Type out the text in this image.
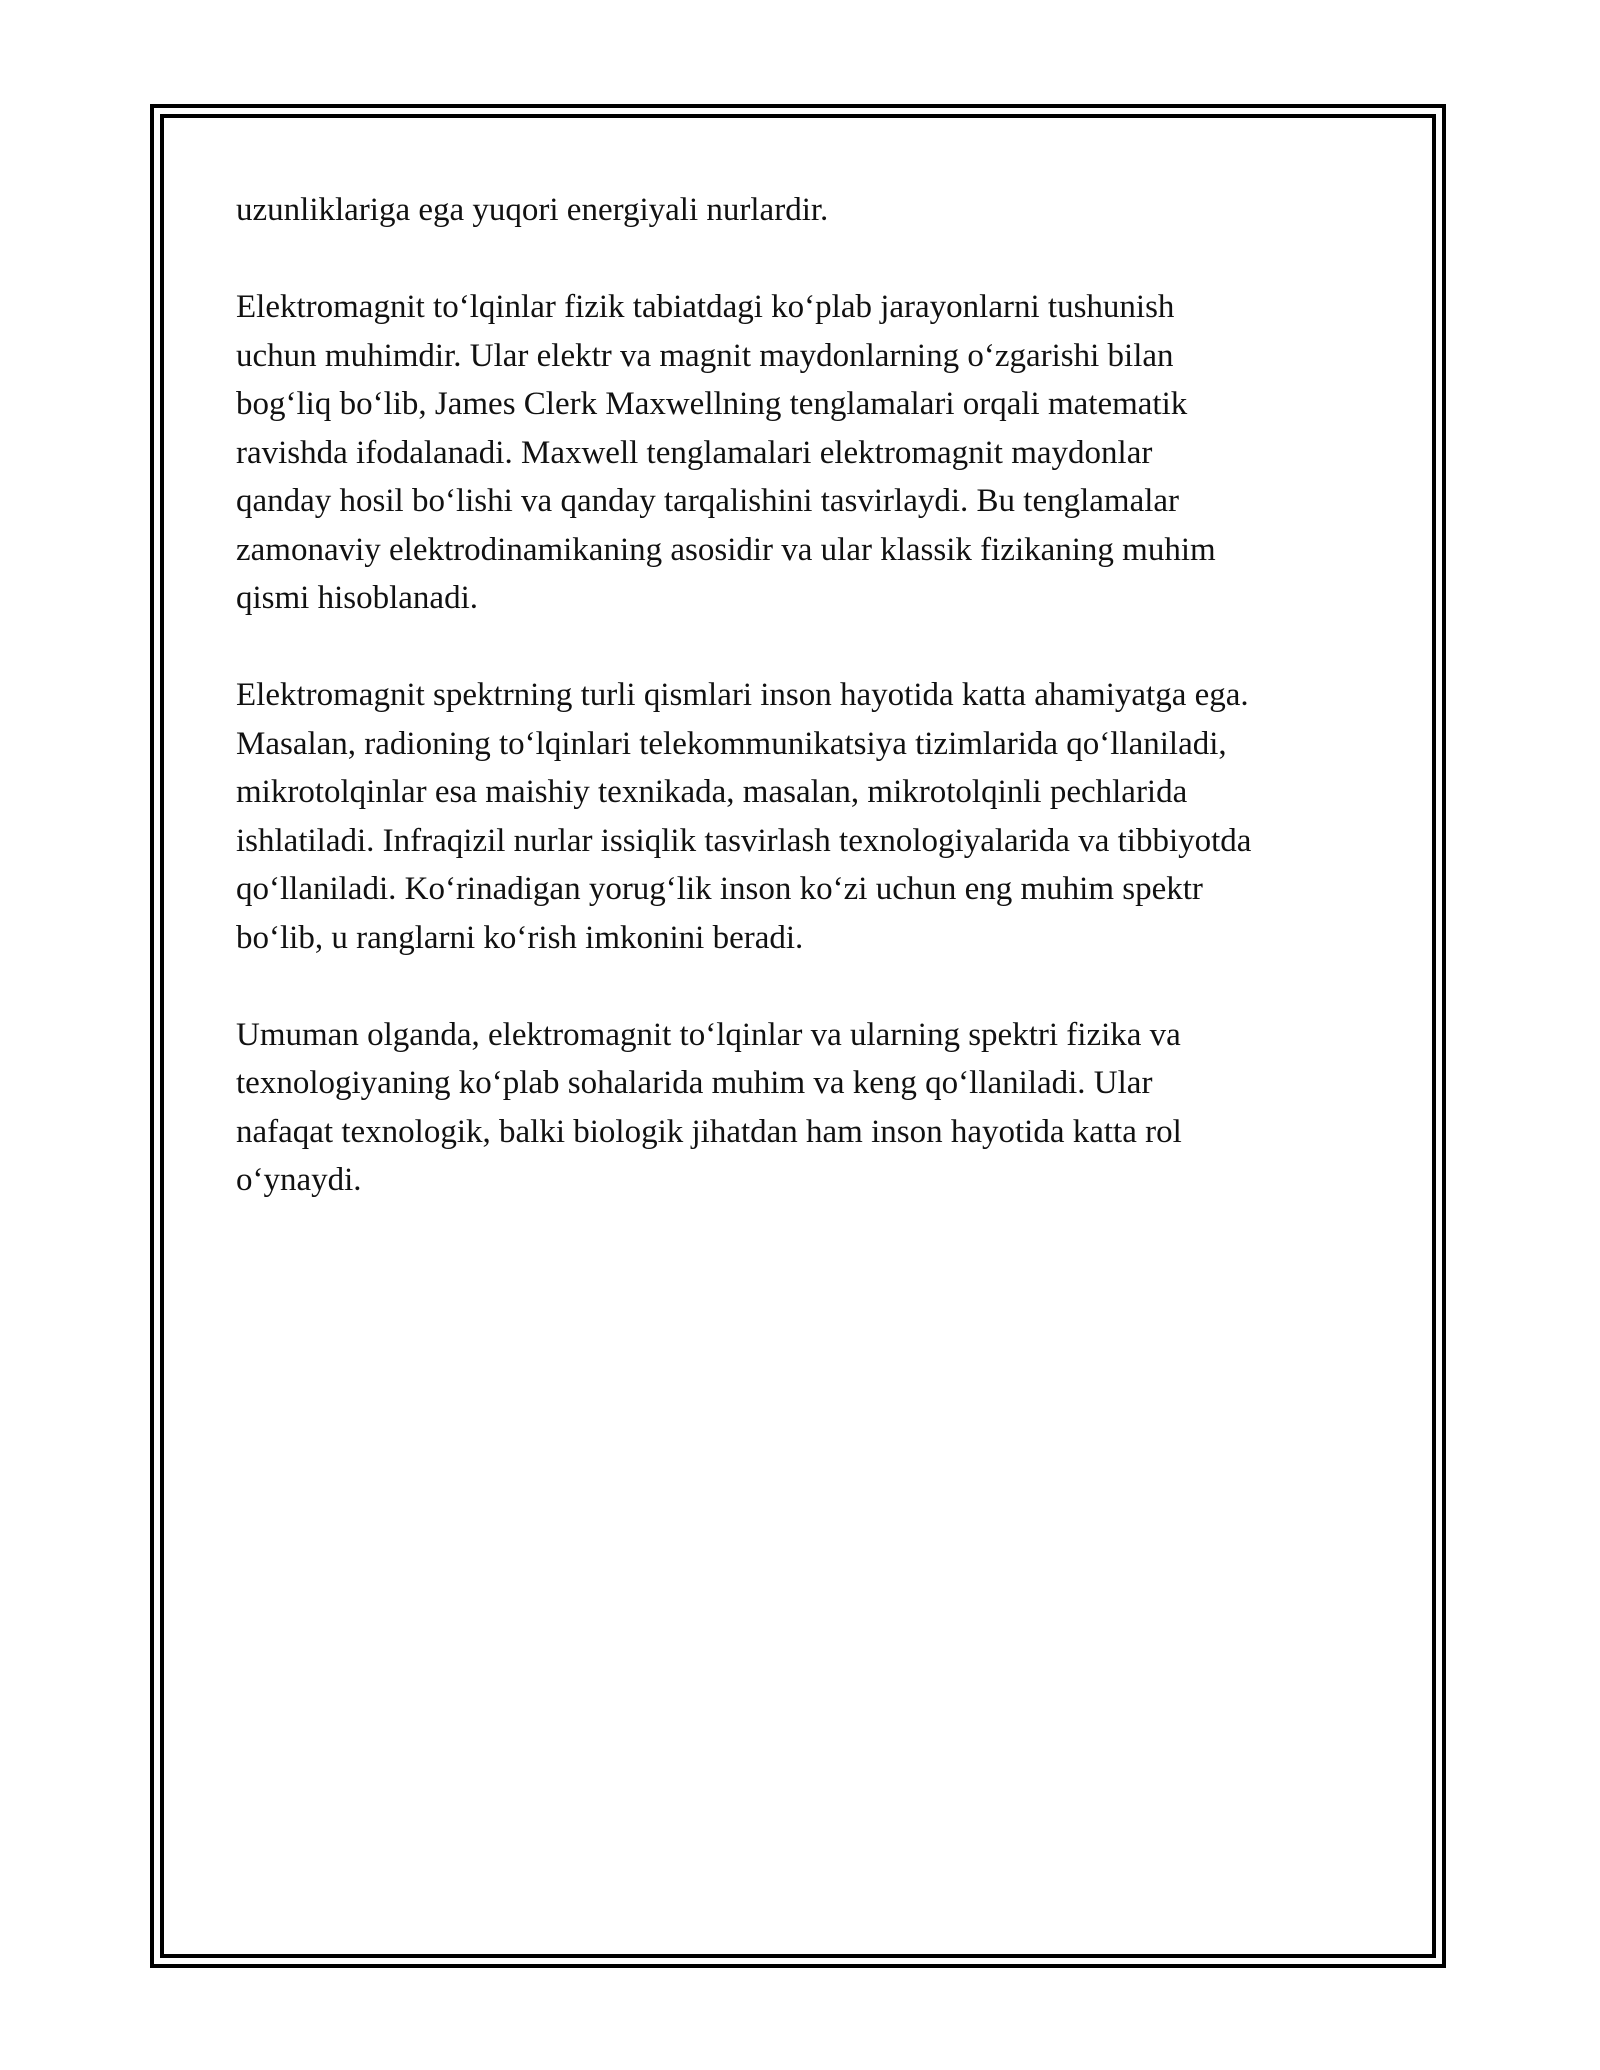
uzunliklariga ega yuqori energiyali nurlardir.

Elektromagnit to‘lqinlar fizik tabiatdagi ko‘plab jarayonlarni tushunish
uchun muhimdir. Ular elektr va magnit maydonlarning o‘zgarishi bilan
bog‘liq bo‘lib, James Clerk Maxwellning tenglamalari orqali matematik
ravishda ifodalanadi. Maxwell tenglamalari elektromagnit maydonlar
qanday hosil bo‘lishi va qanday tarqalishini tasvirlaydi. Bu tenglamalar
zamonaviy elektrodinamikaning asosidir va ular klassik fizikaning muhim
qismi hisoblanadi.

Elektromagnit spektrning turli qismlari inson hayotida katta ahamiyatga ega.
Masalan, radioning to‘lqinlari telekommunikatsiya tizimlarida qo‘llaniladi,
mikrotolqinlar esa maishiy texnikada, masalan, mikrotolqinli pechlarida
ishlatiladi. Infraqizil nurlar issiqlik tasvirlash texnologiyalarida va tibbiyotda
qo‘llaniladi. Ko‘rinadigan yorug‘lik inson ko‘zi uchun eng muhim spektr
bo‘lib, u ranglarni ko‘rish imkonini beradi.

Umuman olganda, elektromagnit to‘lqinlar va ularning spektri fizika va
texnologiyaning ko‘plab sohalarida muhim va keng qo‘llaniladi. Ular
nafaqat texnologik, balki biologik jihatdan ham inson hayotida katta rol
o‘ynaydi.
